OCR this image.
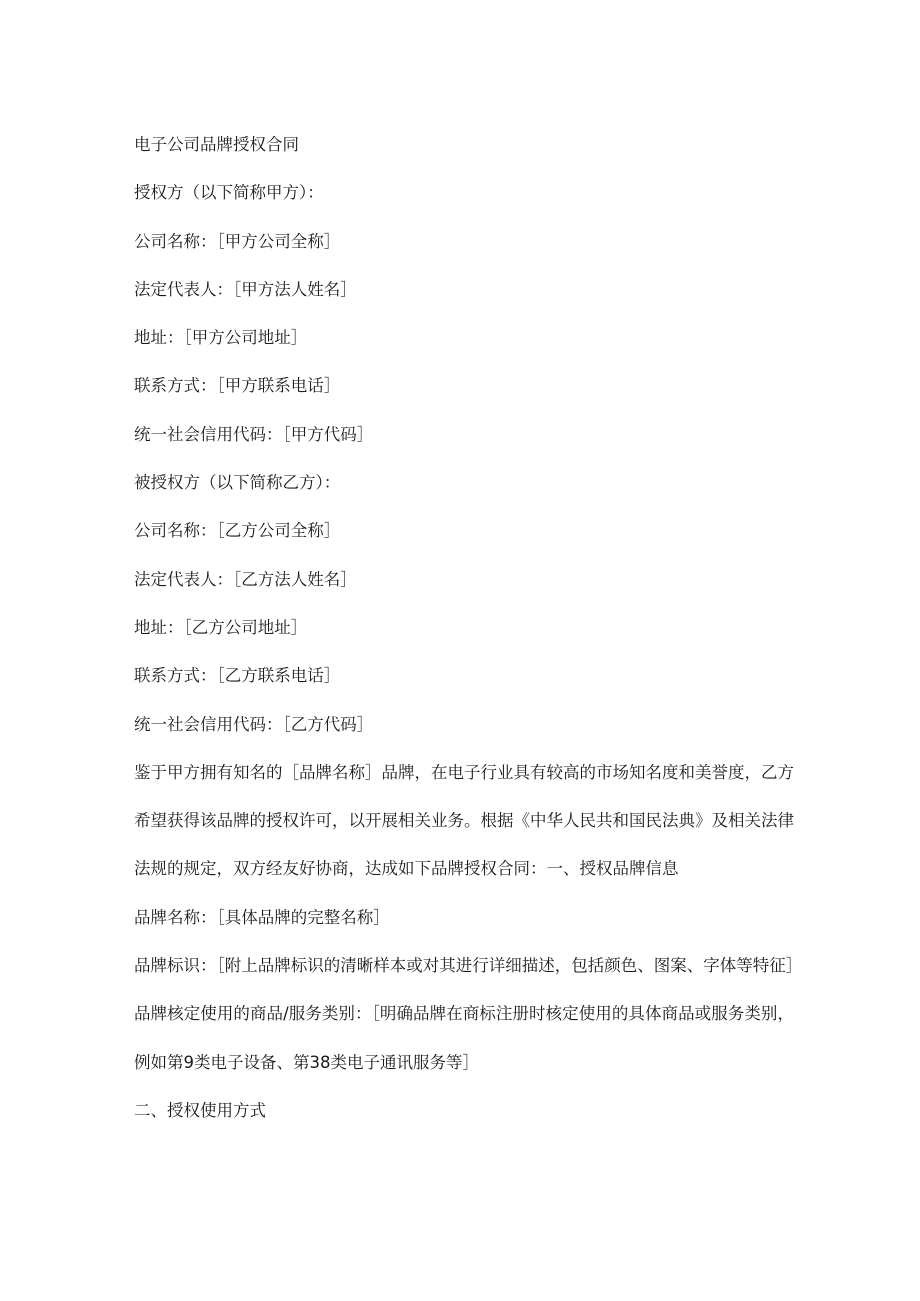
电子公司品牌授权合同
授权方（以下简称甲方）：
公司名称：［甲方公司全称］
法定代表人：［甲方法人姓名］
地址：［甲方公司地址］
联系方式：［甲方联系电话］
统一社会信用代码：［甲方代码］
被授权方（以下简称乙方）：
公司名称：［乙方公司全称］
法定代表人：［乙方法人姓名］
地址：［乙方公司地址］
联系方式：［乙方联系电话］
统一社会信用代码：［乙方代码］
鉴于甲方拥有知名的［品牌名称］品牌，在电子行业具有较高的市场知名度和美誉度，乙方希望获得该品牌的授权许可，以开展相关业务。根据《中华人民共和国民法典》及相关法律法规的规定，双方经友好协商，达成如下品牌授权合同：一、授权品牌信息
品牌名称：［具体品牌的完整名称］
品牌标识：［附上品牌标识的清晰样本或对其进行详细描述，包括颜色、图案、字体等特征］
品牌核定使用的商品/服务类别：［明确品牌在商标注册时核定使用的具体商品或服务类别，例如第9类电子设备、第38类电子通讯服务等］
二、授权使用方式
